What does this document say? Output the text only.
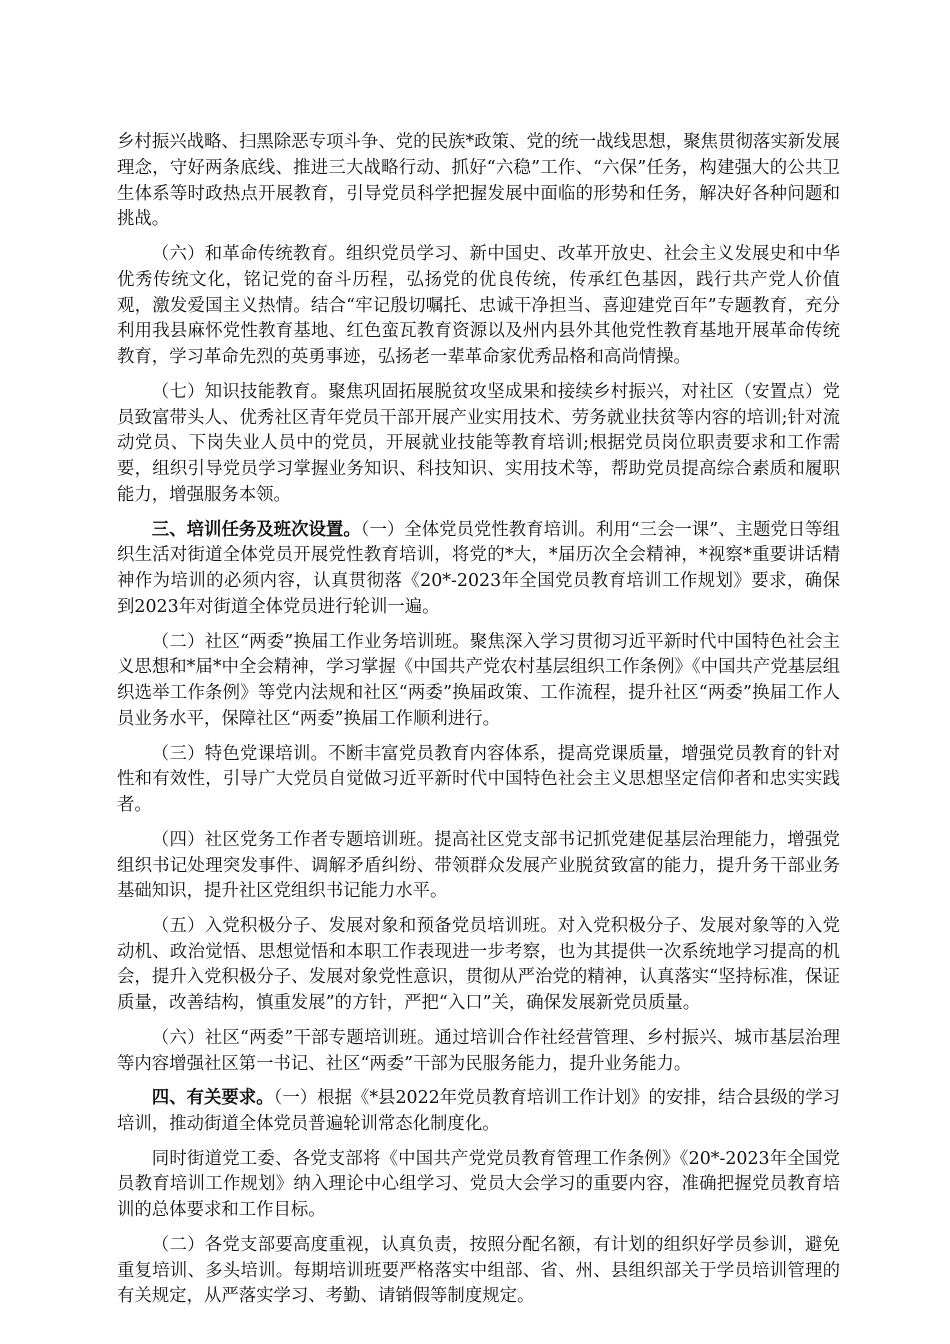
乡村振兴战略、扫黑除恶专项斗争、党的民族*政策、党的统一战线思想，聚焦贯彻落实新发展理念，守好两条底线、推进三大战略行动、抓好“六稳”工作、“六保”任务，构建强大的公共卫生体系等时政热点开展教育，引导党员科学把握发展中面临的形势和任务，解决好各种问题和挑战。

（六）和革命传统教育。组织党员学习、新中国史、改革开放史、社会主义发展史和中华优秀传统文化，铭记党的奋斗历程，弘扬党的优良传统，传承红色基因，践行共产党人价值观，激发爱国主义热情。结合“牢记殷切嘱托、忠诚干净担当、喜迎建党百年”专题教育，充分利用我县麻怀党性教育基地、红色蛮瓦教育资源以及州内县外其他党性教育基地开展革命传统教育，学习革命先烈的英勇事迹，弘扬老一辈革命家优秀品格和高尚情操。

（七）知识技能教育。聚焦巩固拓展脱贫攻坚成果和接续乡村振兴，对社区（安置点）党员致富带头人、优秀社区青年党员干部开展产业实用技术、劳务就业扶贫等内容的培训;针对流动党员、下岗失业人员中的党员，开展就业技能等教育培训;根据党员岗位职责要求和工作需要，组织引导党员学习掌握业务知识、科技知识、实用技术等，帮助党员提高综合素质和履职能力，增强服务本领。

三、培训任务及班次设置。（一）全体党员党性教育培训。利用“三会一课”、主题党日等组织生活对街道全体党员开展党性教育培训，将党的*大，*届历次全会精神，*视察*重要讲话精神作为培训的必须内容，认真贯彻落《20*-2023年全国党员教育培训工作规划》要求，确保到2023年对街道全体党员进行轮训一遍。

（二）社区“两委”换届工作业务培训班。聚焦深入学习贯彻习近平新时代中国特色社会主义思想和*届*中全会精神，学习掌握《中国共产党农村基层组织工作条例》《中国共产党基层组织选举工作条例》等党内法规和社区“两委”换届政策、工作流程，提升社区“两委”换届工作人员业务水平，保障社区“两委”换届工作顺利进行。

（三）特色党课培训。不断丰富党员教育内容体系，提高党课质量，增强党员教育的针对性和有效性，引导广大党员自觉做习近平新时代中国特色社会主义思想坚定信仰者和忠实实践者。

（四）社区党务工作者专题培训班。提高社区党支部书记抓党建促基层治理能力，增强党组织书记处理突发事件、调解矛盾纠纷、带领群众发展产业脱贫致富的能力，提升务干部业务基础知识，提升社区党组织书记能力水平。

（五）入党积极分子、发展对象和预备党员培训班。对入党积极分子、发展对象等的入党动机、政治觉悟、思想觉悟和本职工作表现进一步考察，也为其提供一次系统地学习提高的机会，提升入党积极分子、发展对象党性意识，贯彻从严治党的精神，认真落实“坚持标准，保证质量，改善结构，慎重发展”的方针，严把“入口”关，确保发展新党员质量。

（六）社区“两委”干部专题培训班。通过培训合作社经营管理、乡村振兴、城市基层治理等内容增强社区第一书记、社区“两委”干部为民服务能力，提升业务能力。

四、有关要求。（一）根据《*县2022年党员教育培训工作计划》的安排，结合县级的学习培训，推动街道全体党员普遍轮训常态化制度化。

同时街道党工委、各党支部将《中国共产党党员教育管理工作条例》《20*-2023年全国党员教育培训工作规划》纳入理论中心组学习、党员大会学习的重要内容，准确把握党员教育培训的总体要求和工作目标。

（二）各党支部要高度重视，认真负责，按照分配名额，有计划的组织好学员参训，避免重复培训、多头培训。每期培训班要严格落实中组部、省、州、县组织部关于学员培训管理的有关规定，从严落实学习、考勤、请销假等制度规定。
